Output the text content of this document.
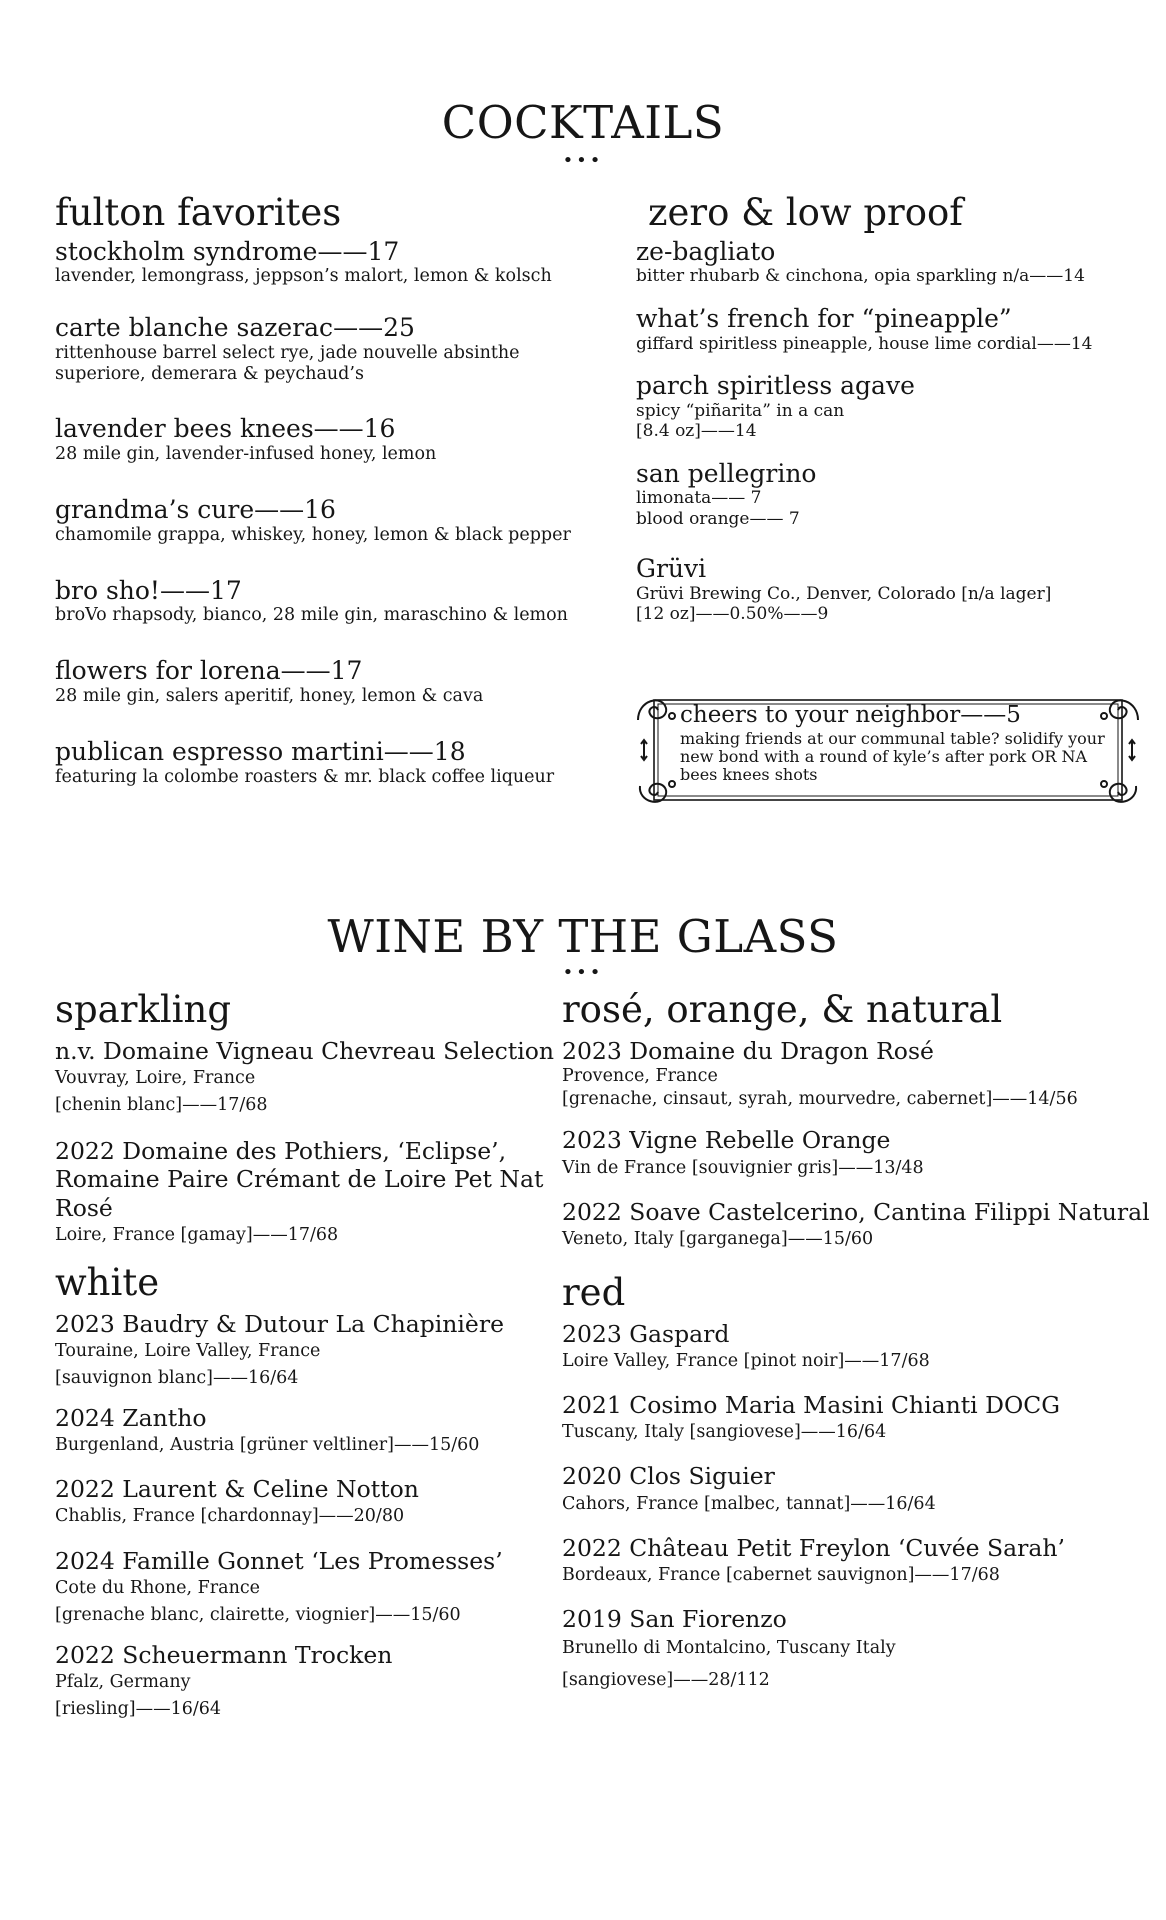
COCKTAILS
•••
fulton favorites
stockholm syndrome——17
lavender, lemongrass, jeppson’s malort, lemon & kolsch
carte blanche sazerac——25
rittenhouse barrel select rye, jade nouvelle absinthe superiore, demerara & peychaud’s
lavender bees knees——16
28 mile gin, lavender-infused honey, lemon
grandma’s cure——16
chamomile grappa, whiskey, honey, lemon & black pepper
bro sho!——17
broVo rhapsody, bianco, 28 mile gin, maraschino & lemon
flowers for lorena——17
28 mile gin, salers aperitif, honey, lemon & cava
publican espresso martini——18
featuring la colombe roasters & mr. black coffee liqueur
zero & low proof
ze-bagliato
bitter rhubarb & cinchona, opia sparkling n/a——14
what’s french for “pineapple”
giffard spiritless pineapple, house lime cordial——14
parch spiritless agave
spicy “piñarita” in a can
[8.4 oz]——14
san pellegrino
limonata—— 7
blood orange—— 7
Grüvi
Grüvi Brewing Co., Denver, Colorado [n/a lager]
[12 oz]——0.50%——9
cheers to your neighbor——5
making friends at our communal table? solidify your new bond with a round of kyle’s after pork OR NA bees knees shots
WINE BY THE GLASS
•••
sparkling
n.v. Domaine Vigneau Chevreau Selection
Vouvray, Loire, France
[chenin blanc]——17/68
2022 Domaine des Pothiers, ‘Eclipse’, Romaine Paire Crémant de Loire Pet Nat Rosé
Loire, France [gamay]——17/68
white
2023 Baudry & Dutour La Chapinière
Touraine, Loire Valley, France
[sauvignon blanc]——16/64
2024 Zantho
Burgenland, Austria [grüner veltliner]——15/60
2022 Laurent & Celine Notton
Chablis, France [chardonnay]——20/80
2024 Famille Gonnet ‘Les Promesses’
Cote du Rhone, France
[grenache blanc, clairette, viognier]——15/60
2022 Scheuermann Trocken
Pfalz, Germany
[riesling]——16/64
rosé, orange, & natural
2023 Domaine du Dragon Rosé
Provence, France
[grenache, cinsaut, syrah, mourvedre, cabernet]——14/56
2023 Vigne Rebelle Orange
Vin de France [souvignier gris]——13/48
2022 Soave Castelcerino, Cantina Filippi Natural
Veneto, Italy [garganega]——15/60
red
2023 Gaspard
Loire Valley, France [pinot noir]——17/68
2021 Cosimo Maria Masini Chianti DOCG
Tuscany, Italy [sangiovese]——16/64
2020 Clos Siguier
Cahors, France [malbec, tannat]——16/64
2022 Château Petit Freylon ‘Cuvée Sarah’
Bordeaux, France [cabernet sauvignon]——17/68
2019 San Fiorenzo
Brunello di Montalcino, Tuscany Italy
[sangiovese]——28/112
